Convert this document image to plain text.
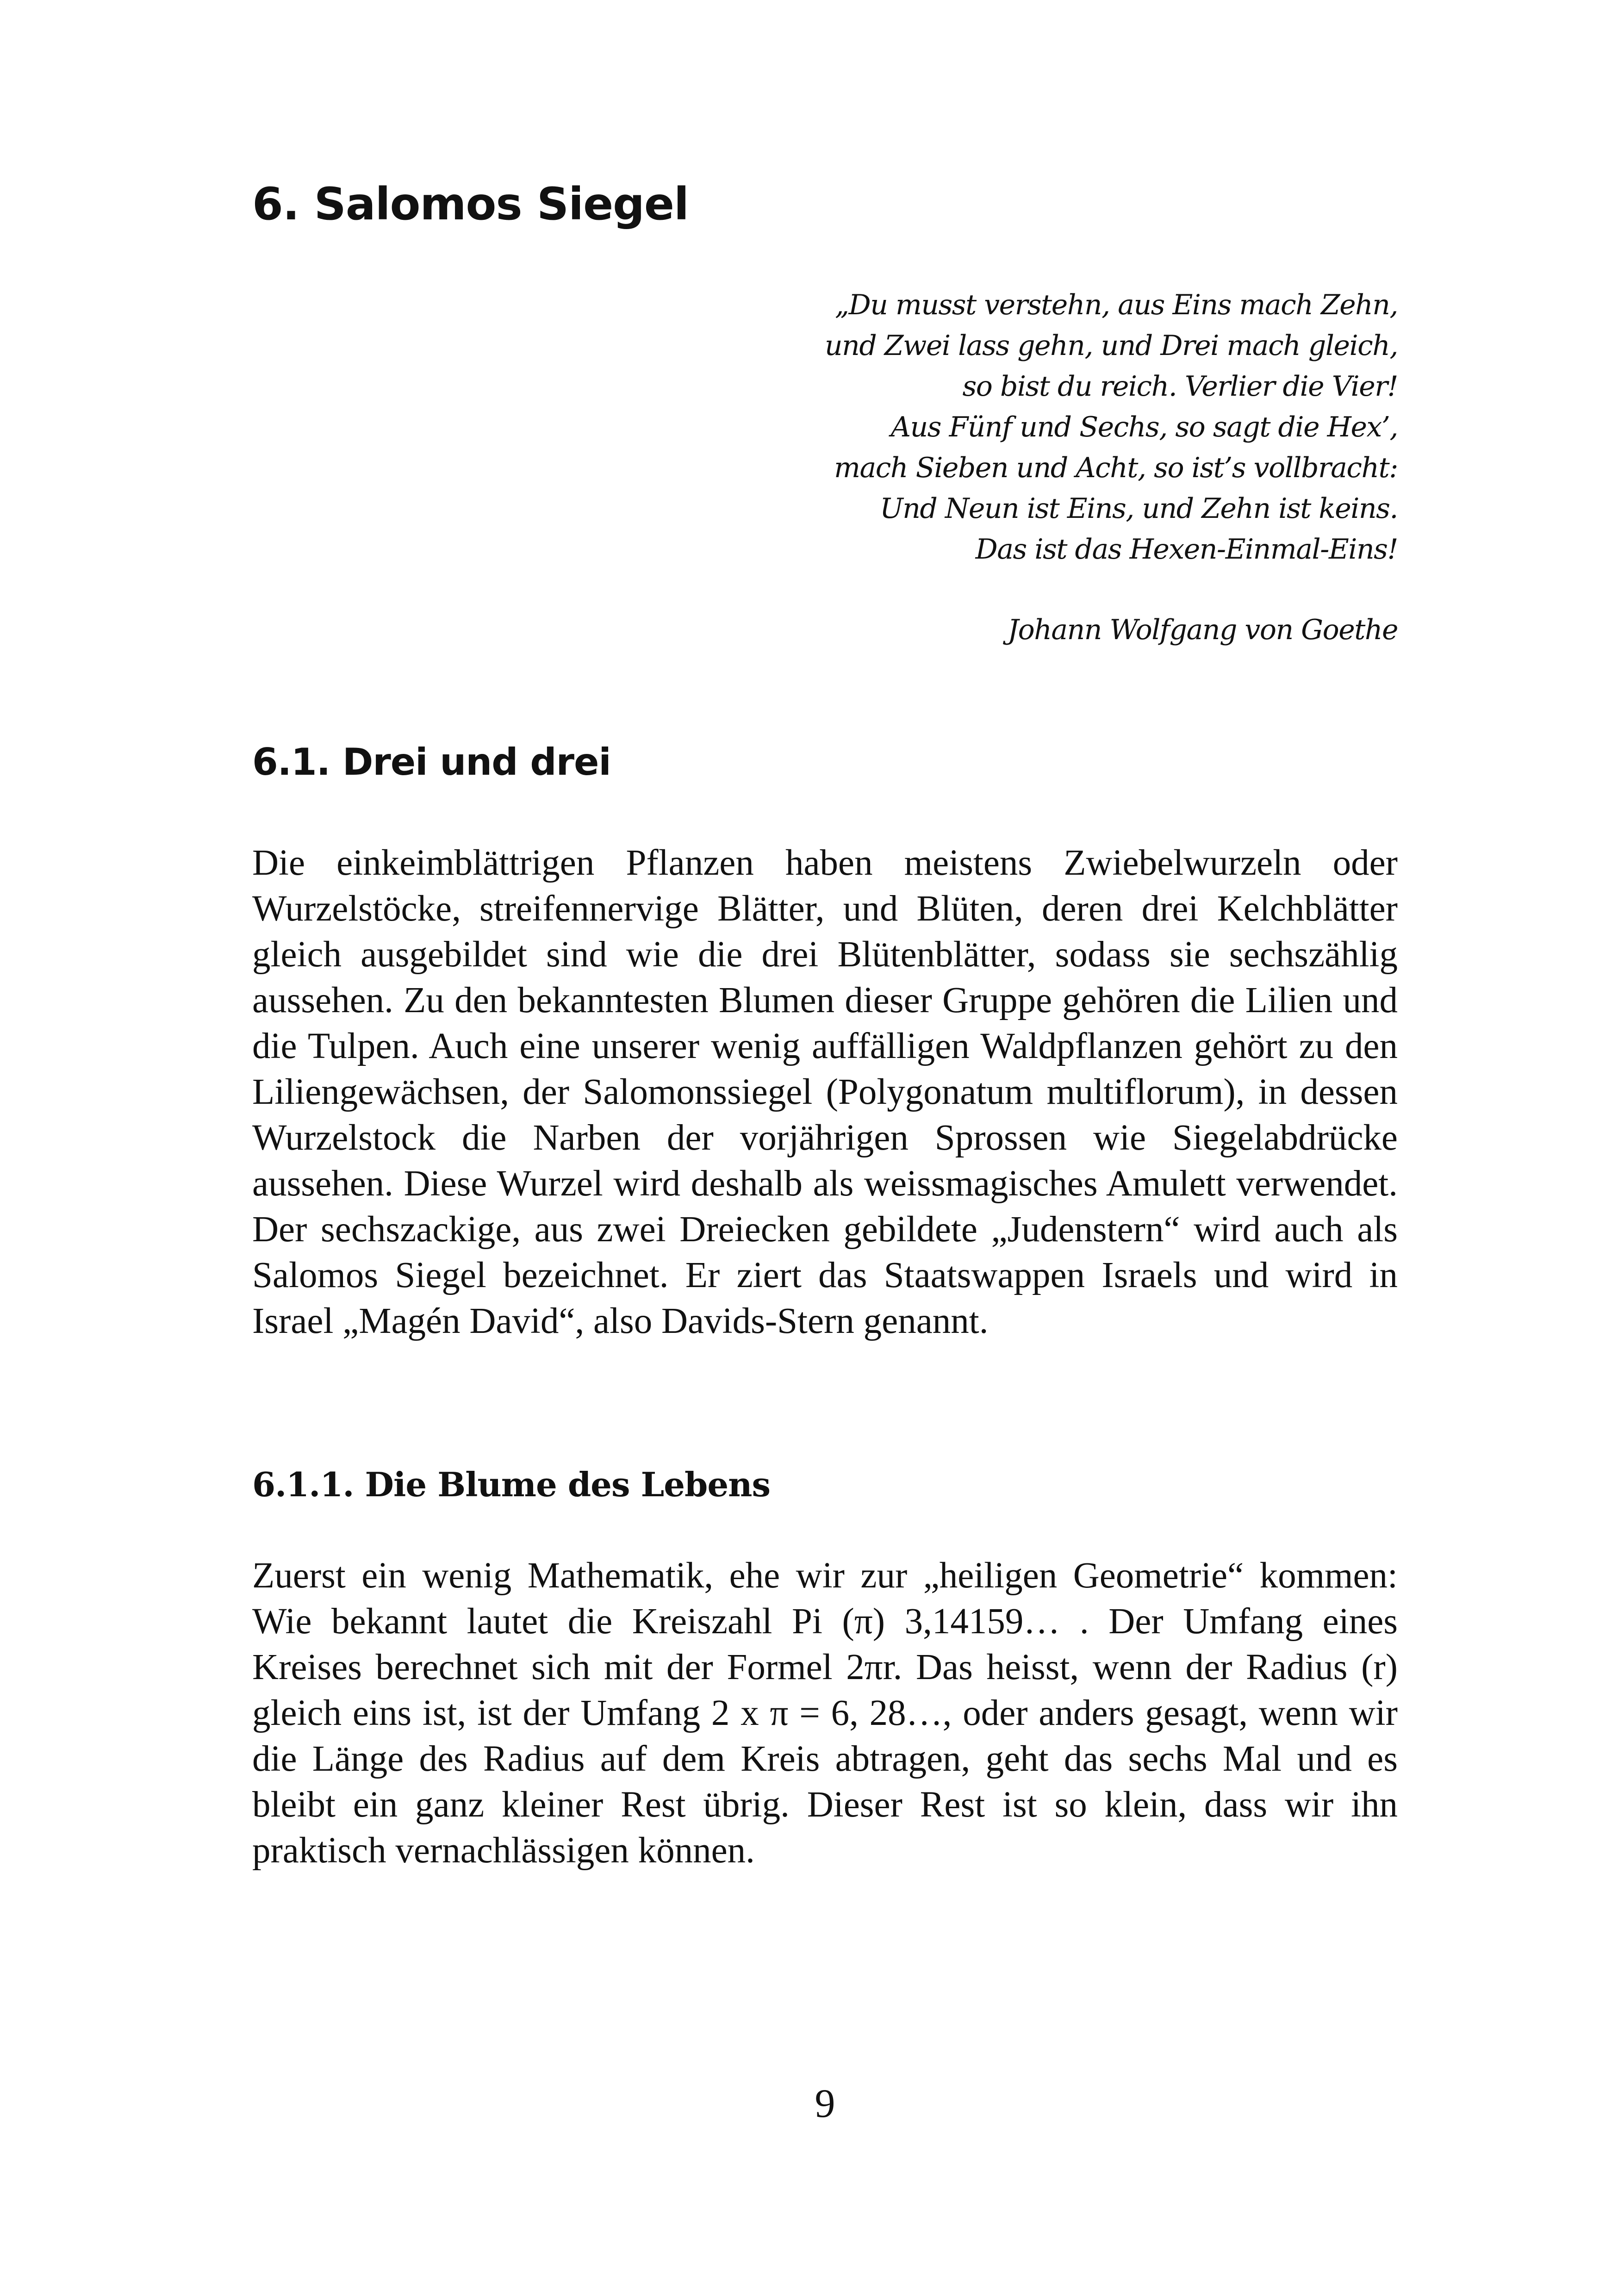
6. Salomos Siegel
„Du musst verstehn, aus Eins mach Zehn,
und Zwei lass gehn, und Drei mach gleich,
so bist du reich. Verlier die Vier!
Aus Fünf und Sechs, so sagt die Hex’,
mach Sieben und Acht, so ist’s vollbracht:
Und Neun ist Eins, und Zehn ist keins.
Das ist das Hexen-Einmal-Eins!
Johann Wolfgang von Goethe
6.1. Drei und drei

Die einkeimblättrigen Pflanzen haben meistens Zwiebelwurzeln oder Wurzelstöcke, streifennervige Blätter, und Blüten, deren drei Kelchblätter gleich ausgebildet sind wie die drei Blütenblätter, sodass sie sechszählig aussehen. Zu den bekanntesten Blumen dieser Gruppe gehören die Lilien und die Tulpen. Auch eine unserer wenig auffälligen Waldpflanzen gehört zu den Liliengewächsen, der Salomonssiegel (Polygonatum multiflorum), in dessen Wurzelstock die Narben der vorjährigen Sprossen wie Siegelabdrücke aussehen. Diese Wurzel wird deshalb als weissmagisches Amulett verwendet. Der sechszackige, aus zwei Dreiecken gebildete „Judenstern“ wird auch als Salomos Siegel bezeichnet. Er ziert das Staatswappen Israels und wird in Israel „Magén David“, also Davids-Stern genannt.

6.1.1. Die Blume des Lebens

Zuerst ein wenig Mathematik, ehe wir zur „heiligen Geometrie“ kommen: Wie bekannt lautet die Kreiszahl Pi (π) 3,14159… . Der Umfang eines Kreises berechnet sich mit der Formel 2πr. Das heisst, wenn der Radius (r) gleich eins ist, ist der Umfang 2 x π = 6, 28…, oder anders gesagt, wenn wir die Länge des Radius auf dem Kreis abtragen, geht das sechs Mal und es bleibt ein ganz kleiner Rest übrig. Dieser Rest ist so klein, dass wir ihn praktisch vernachlässigen können.

9
